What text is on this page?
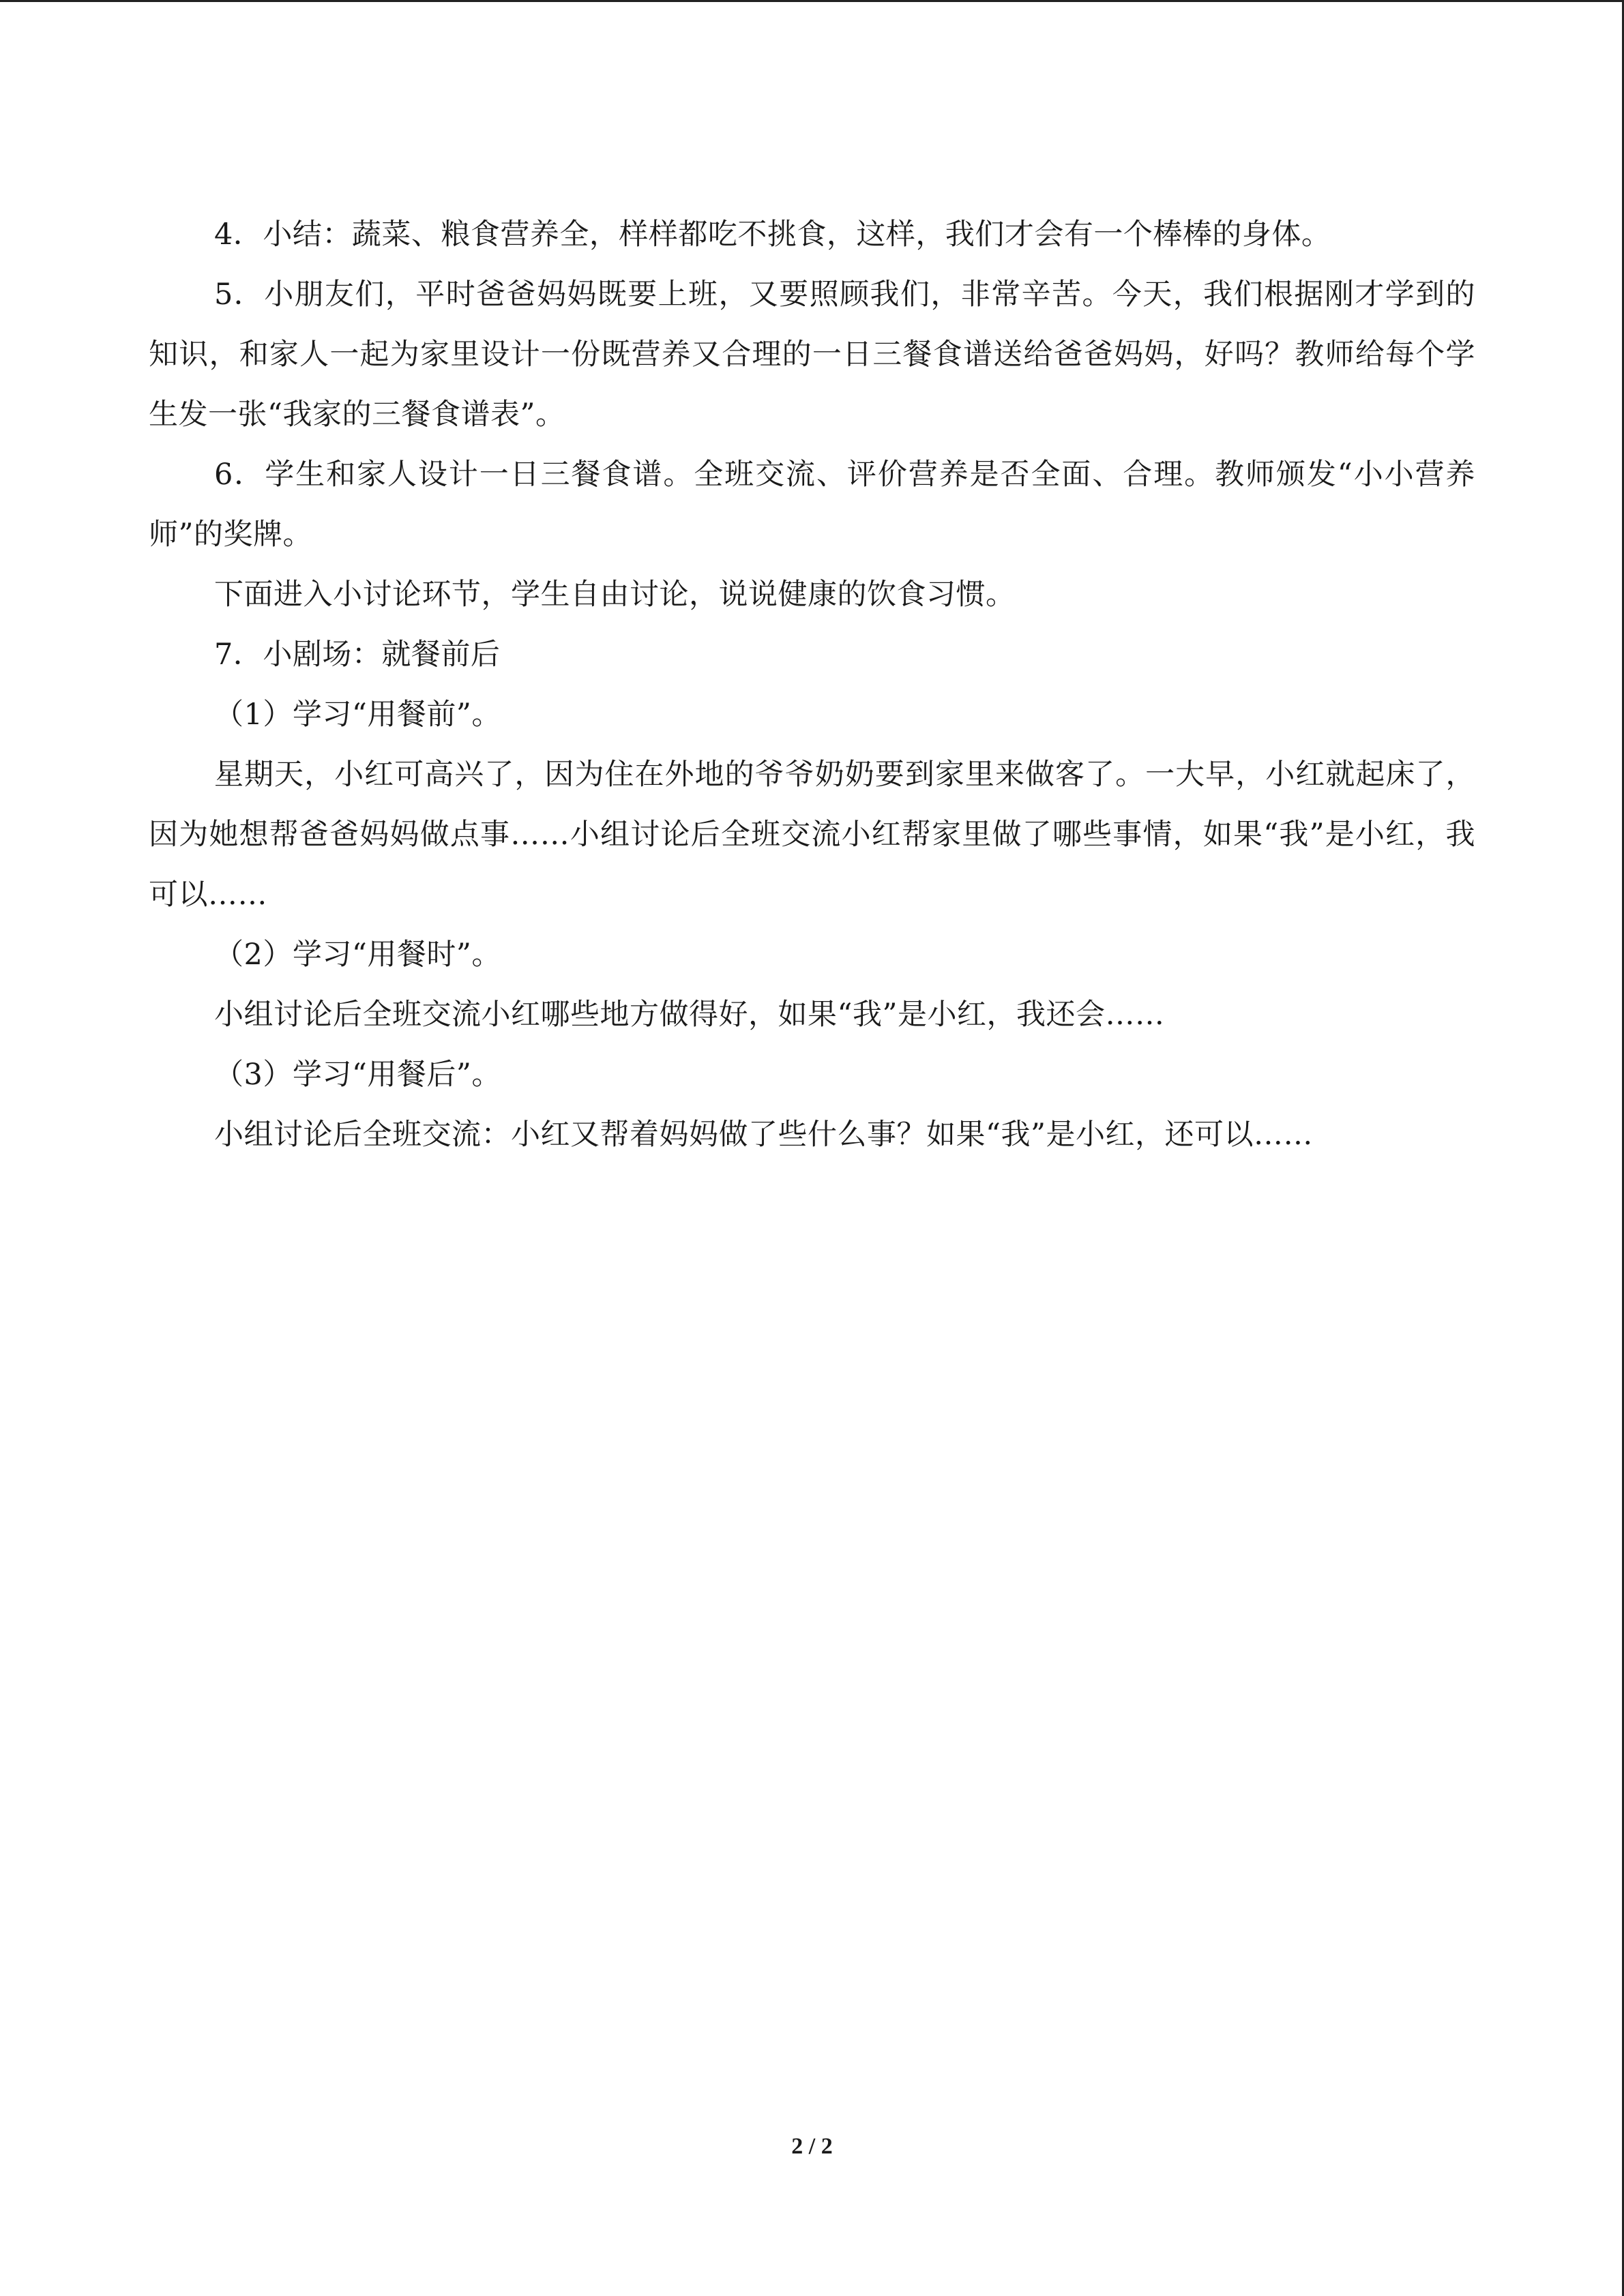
4．小结：蔬菜、粮食营养全，样样都吃不挑食，这样，我们才会有一个棒棒的身体。

5．小朋友们，平时爸爸妈妈既要上班，又要照顾我们，非常辛苦。今天，我们根据刚才学到的知识，和家人一起为家里设计一份既营养又合理的一日三餐食谱送给爸爸妈妈，好吗？教师给每个学生发一张“我家的三餐食谱表”。

6．学生和家人设计一日三餐食谱。全班交流、评价营养是否全面、合理。教师颁发“小小营养师”的奖牌。

下面进入小讨论环节，学生自由讨论，说说健康的饮食习惯。

7．小剧场：就餐前后

（1）学习“用餐前”。

星期天，小红可高兴了，因为住在外地的爷爷奶奶要到家里来做客了。一大早，小红就起床了，因为她想帮爸爸妈妈做点事……小组讨论后全班交流小红帮家里做了哪些事情，如果“我”是小红，我可以……

（2）学习“用餐时”。

小组讨论后全班交流小红哪些地方做得好，如果“我”是小红，我还会……

（3）学习“用餐后”。

小组讨论后全班交流：小红又帮着妈妈做了些什么事？如果“我”是小红，还可以……

2 / 2
